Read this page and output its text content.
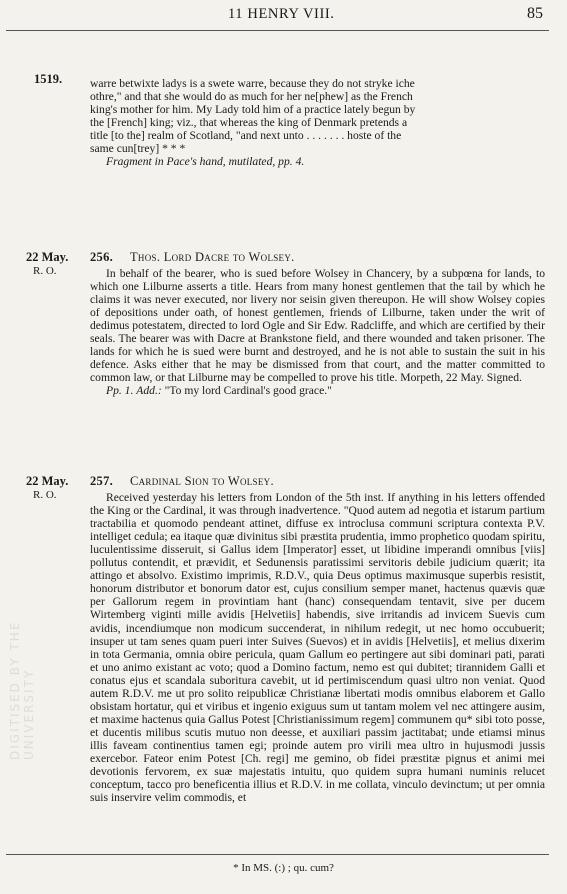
11 HENRY VIII.	85
DIGITISED BY THE UNIVERSITY
1519.
22 May.
R. O.
22 May.
R. O.

warre betwixte ladys is a swete warre, because they do not stryke iche

othre," and that she would do as much for her ne[phew] as the French

king's mother for him. My Lady told him of a practice lately begun by

the [French] king; viz., that whereas the king of Denmark pretends a

title [to the] realm of Scotland, "and next unto . . . . . . . hoste of the

same cun[trey] * * *

Fragment in Pace's hand, mutilated, pp. 4.

256. Thos. Lord Dacre to Wolsey.

In behalf of the bearer, who is sued before Wolsey in Chancery, by a subpœna for lands, to which one Lilburne asserts a title. Hears from many honest gentlemen that the tail by which he claims it was never executed, nor livery nor seisin given thereupon. He will show Wolsey copies of depositions under oath, of honest gentlemen, friends of Lilburne, taken under the writ of dedimus potestatem, directed to lord Ogle and Sir Edw. Radcliffe, and which are certified by their seals. The bearer was with Dacre at Brankstone field, and there wounded and taken prisoner. The lands for which he is sued were burnt and destroyed, and he is not able to sustain the suit in his defence. Asks either that he may be dismissed from that court, and the matter committed to common law, or that Lilburne may be compelled to prove his title. Morpeth, 22 May. Signed.

Pp. 1. Add.: "To my lord Cardinal's good grace."

257. Cardinal Sion to Wolsey.

Received yesterday his letters from London of the 5th inst. If anything in his letters offended the King or the Cardinal, it was through inadvertence. "Quod autem ad negotia et istarum partium tractabilia et quomodo pendeant attinet, diffuse ex introclusa communi scriptura contexta P.V. intelliget cedula; ea itaque quæ divinitus sibi præstita prudentia, immo prophetico quodam spiritu, luculentissime disseruit, si Gallus idem [Imperator] esset, ut libidine imperandi omnibus [viis] pollutus contendit, et prævidit, et Sedunensis paratissimi servitoris debile judicium quærit; ita attingo et absolvo. Existimo imprimis, R.D.V., quia Deus optimus maximusque superbis resistit, honorum distributor et bonorum dator est, cujus consilium semper manet, hactenus quævis quæ per Gallorum regem in provintiam hant (hanc) consequendam tentavit, sive per ducem Wirtemberg viginti mille avidis [Helvetiis] habendis, sive irritandis ad invicem Suevis cum avidis, incendiumque non modicum succenderat, in nihilum redegit, ut nec homo occubuerit; insuper ut tam senes quam pueri inter Suives (Suevos) et in avidis [Helvetiis], et melius dixerim in tota Germania, omnia obire pericula, quam Gallum eo pertingere aut sibi dominari pati, parati et uno animo existant ac voto; quod a Domino factum, nemo est qui dubitet; tirannidem Galli et conatus ejus et scandala suboritura cavebit, ut id pertimiscendum quasi ultro non veniat. Quod autem R.D.V. me ut pro solito reipublicæ Christianæ libertati modis omnibus elaborem et Gallo obsistam hortatur, qui et viribus et ingenio exiguus sum ut tantam molem vel nec attingere ausim, et maxime hactenus quia Gallus Potest [Christianissimum regem] communem qu* sibi toto posse, et ducentis milibus scutis mutuo non deesse, et auxiliari passim jactitabat; unde etiamsi minus illis faveam continentius tamen egi; proinde autem pro virili mea ultro in hujusmodi jussis exercebor. Fateor enim Potest [Ch. regi] me gemino, ob fidei præstitæ pignus et animi mei devotionis fervorem, ex suæ majestatis intuitu, quo quidem supra humani numinis relucet conceptum, tacco pro beneficentia illius et R.D.V. in me collata, vinculo devinctum; ut per omnia suis inservire velim commodis, et

* In MS. (:) ; qu. cum?
